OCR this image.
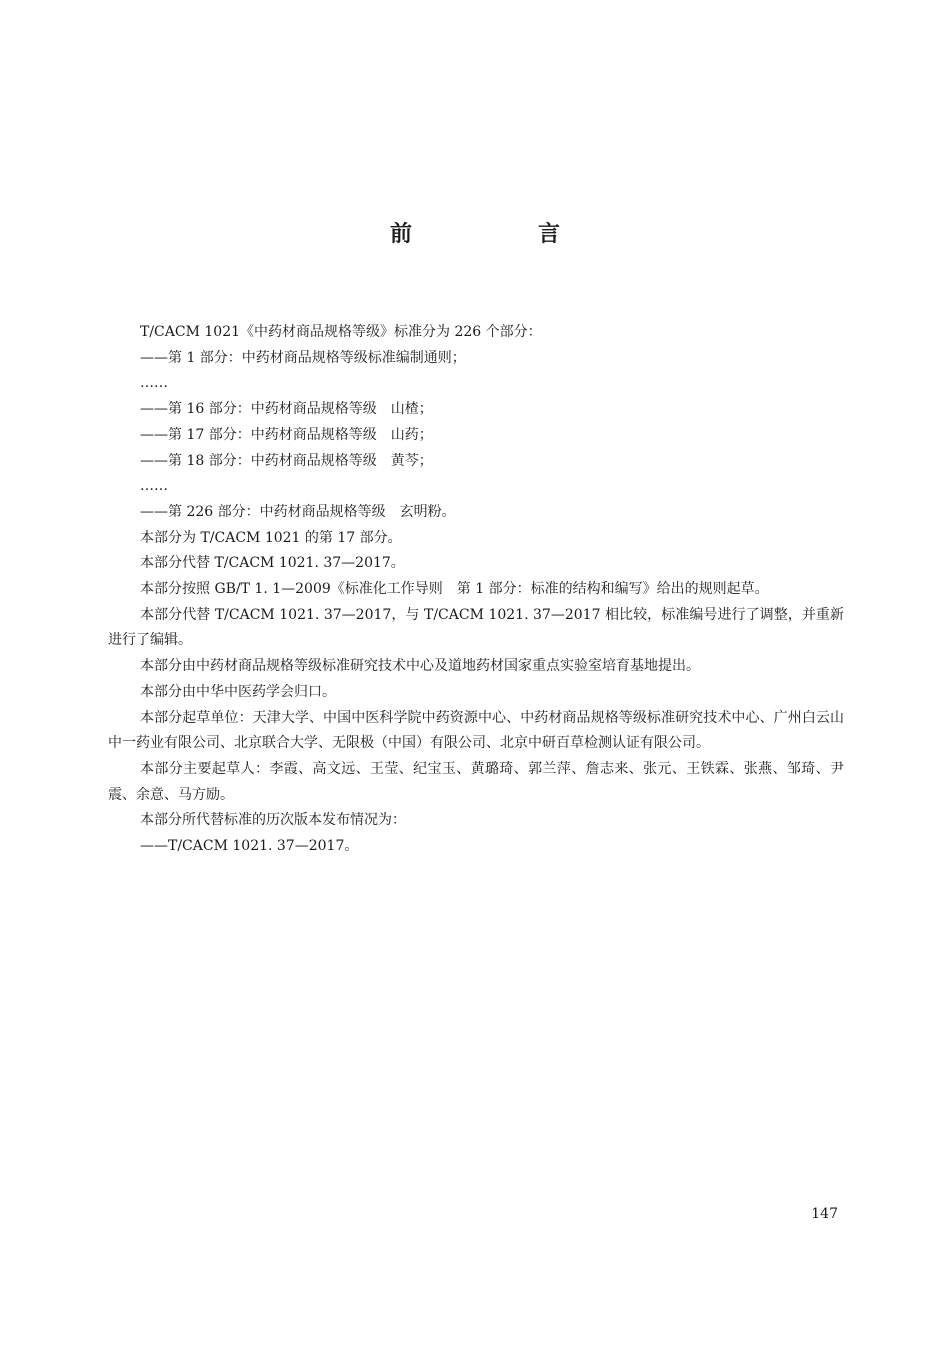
前　言

T/CACM 1021《中药材商品规格等级》标准分为 226 个部分：

——第 1 部分：中药材商品规格等级标准编制通则；

……

——第 16 部分：中药材商品规格等级　山楂；

——第 17 部分：中药材商品规格等级　山药；

——第 18 部分：中药材商品规格等级　黄芩；

……

——第 226 部分：中药材商品规格等级　玄明粉。

本部分为 T/CACM 1021 的第 17 部分。

本部分代替 T/CACM 1021. 37—2017。

本部分按照 GB/T 1. 1—2009《标准化工作导则　第 1 部分：标准的结构和编写》给出的规则起草。

本部分代替 T/CACM 1021. 37—2017，与 T/CACM 1021. 37—2017 相比较，标准编号进行了调整，并重新进行了编辑。

本部分由中药材商品规格等级标准研究技术中心及道地药材国家重点实验室培育基地提出。

本部分由中华中医药学会归口。

本部分起草单位：天津大学、中国中医科学院中药资源中心、中药材商品规格等级标准研究技术中心、广州白云山中一药业有限公司、北京联合大学、无限极（中国）有限公司、北京中研百草检测认证有限公司。

本部分主要起草人：李霞、高文远、王莹、纪宝玉、黄璐琦、郭兰萍、詹志来、张元、王铁霖、张燕、邹琦、尹震、余意、马方励。

本部分所代替标准的历次版本发布情况为：

——T/CACM 1021. 37—2017。

147
